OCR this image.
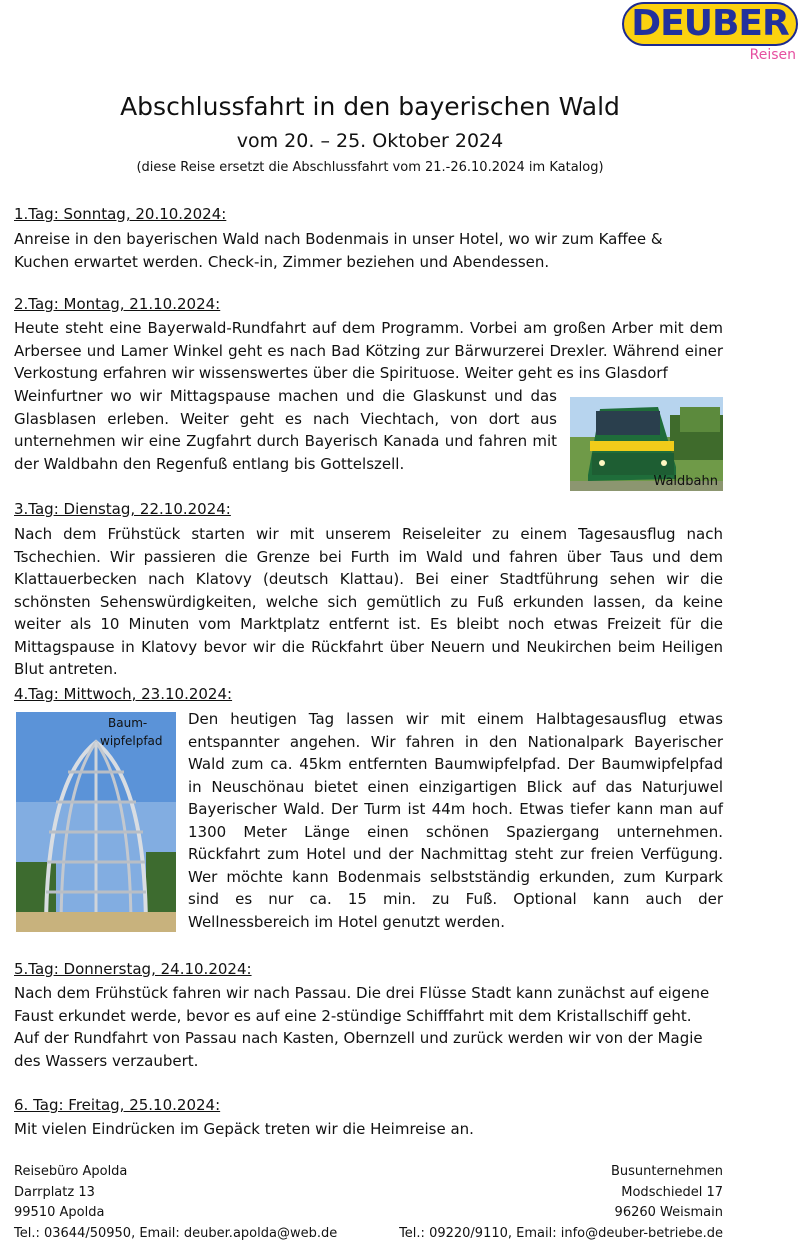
DEUBER
Reisen
Abschlussfahrt in den bayerischen Wald
vom 20. – 25. Oktober 2024
(diese Reise ersetzt die Abschlussfahrt vom 21.-26.10.2024 im Katalog)
1.Tag: Sonntag, 20.10.2024:
Anreise in den bayerischen Wald nach Bodenmais in unser Hotel, wo wir zum Kaffee & Kuchen erwartet werden. Check-in, Zimmer beziehen und Abendessen.
2.Tag: Montag, 21.10.2024:
Heute steht eine Bayerwald-Rundfahrt auf dem Programm. Vorbei am großen Arber mit dem Arbersee und Lamer Winkel geht es nach Bad Kötzing zur Bärwurzerei Drexler. Während einer Verkostung erfahren wir wissenswertes über die Spirituose. Weiter geht es ins Glasdorf
Weinfurtner wo wir Mittagspause machen und die Glaskunst und das Glasblasen erleben. Weiter geht es nach Viechtach, von dort aus unternehmen wir eine Zugfahrt durch Bayerisch Kanada und fahren mit der Waldbahn den Regenfuß entlang bis Gottelszell.
Waldbahn
3.Tag: Dienstag, 22.10.2024:
Nach dem Frühstück starten wir mit unserem Reiseleiter zu einem Tagesausflug nach Tschechien. Wir passieren die Grenze bei Furth im Wald und fahren über Taus und dem Klattauerbecken nach Klatovy (deutsch Klattau). Bei einer Stadtführung sehen wir die schönsten Sehenswürdigkeiten, welche sich gemütlich zu Fuß erkunden lassen, da keine weiter als 10 Minuten vom Marktplatz entfernt ist. Es bleibt noch etwas Freizeit für die Mittagspause in Klatovy bevor wir die Rückfahrt über Neuern und Neukirchen beim Heiligen Blut antreten.
4.Tag: Mittwoch, 23.10.2024:
Baum-
wipfelpfad
Den heutigen Tag lassen wir mit einem Halbtagesausflug etwas entspannter angehen. Wir fahren in den Nationalpark Bayerischer Wald zum ca. 45km entfernten Baumwipfelpfad. Der Baumwipfelpfad in Neuschönau bietet einen einzigartigen Blick auf das Naturjuwel Bayerischer Wald. Der Turm ist 44m hoch. Etwas tiefer kann man auf 1300 Meter Länge einen schönen Spaziergang unternehmen. Rückfahrt zum Hotel und der Nachmittag steht zur freien Verfügung. Wer möchte kann Bodenmais selbstständig erkunden, zum Kurpark sind es nur ca. 15 min. zu Fuß. Optional kann auch der Wellnessbereich im Hotel genutzt werden.
5.Tag: Donnerstag, 24.10.2024:
Nach dem Frühstück fahren wir nach Passau. Die drei Flüsse Stadt kann zunächst auf eigene Faust erkundet werde, bevor es auf eine 2-stündige Schifffahrt mit dem Kristallschiff geht. Auf der Rundfahrt von Passau nach Kasten, Obernzell und zurück werden wir von der Magie des Wassers verzaubert.
6. Tag: Freitag, 25.10.2024:
Mit vielen Eindrücken im Gepäck treten wir die Heimreise an.
Reisebüro Apolda
Darrplatz 13
99510 Apolda
Tel.: 03644/50950, Email: deuber.apolda@web.de
Busunternehmen
Modschiedel 17
96260 Weismain
Tel.: 09220/9110, Email: info@deuber-betriebe.de
